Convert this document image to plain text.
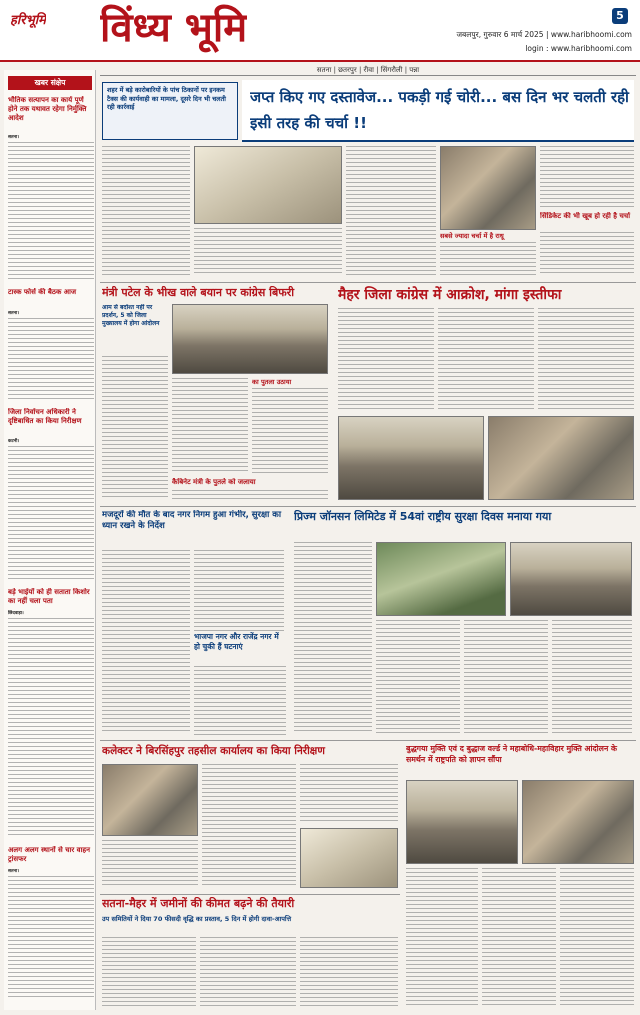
हरिभूमि विंध्य भूमि	5
जबलपुर, गुरुवार 6 मार्च 2025 | www.haribhoomi.com
login : www.haribhoomi.com
खबर संक्षेप
भौतिक सत्यापन का कार्य पूर्ण होने तक यथावत रहेगा निर्मुक्ति आदेश
सतना।
टास्क फोर्स की बैठक आज
सतना।
जिला निर्वाचन अधिकारी ने दृष्टिबाधित का किया निरीक्षण
कटनी।
बड़े भाईयों को ही सताता किशोर का नहीं चला पता
छिंदवाड़ा।
अलग अलग स्थानों से चार वाहन ट्रांसफर
सतना।
सतना | छतरपुर | रीवा | सिंगरौली | पन्ना
शहर में बड़े कारोबारियों के पांच ठिकानों पर इनकम टैक्स की कार्यवाही का मामला, दूसरे दिन भी चलती रही कार्रवाई
जप्त किए गए दस्तावेज... पकड़ी गई चोरी... बस दिन भर चलती रही इसी तरह की चर्चा !!
सबसे ज्यादा चर्चा में है राधू
सिंडिकेट की भी खूब हो रही है चर्चा
मंत्री पटेल के भीख वाले बयान पर कांग्रेस बिफरी
आम से बर्दाश्त नहीं पर प्रदर्शन, 5 को जिला मुख्यालय में होगा आंदोलन
का पुतला उठाया
कैबिनेट मंत्री के पुतले को जलाया
मैहर जिला कांग्रेस में आक्रोश, मांगा इस्तीफा
मजदूरों की मौत के बाद नगर निगम हुआ गंभीर, सुरक्षा का ध्यान रखने के निर्देश
भाजपा नगर और राजेंद्र नगर में हो चुकी हैं घटनाएं
प्रिज्म जॉनसन लिमिटेड में 54वां राष्ट्रीय सुरक्षा दिवस मनाया गया
कलेक्टर ने बिरसिंहपुर तहसील कार्यालय का किया निरीक्षण	बुद्धगया मुक्ति एवं द बुद्धाज वर्ल्ड ने महाबोधि-महाविहार मुक्ति आंदोलन के समर्थन में राष्ट्रपति को ज्ञापन सौंपा
सतना-मैहर में जमीनों की कीमत बढ़ने की तैयारी
उप समितियों ने दिया 70 फीसदी वृद्धि का प्रस्ताव, 5 दिन में होगी दावा-आपत्ति
